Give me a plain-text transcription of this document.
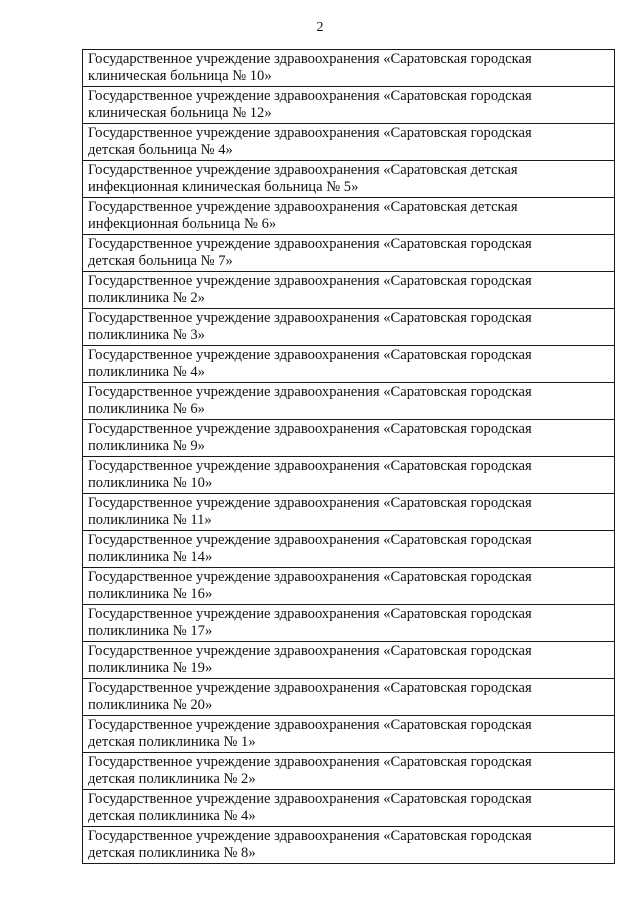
2
Государственное учреждение здравоохранения «Саратовская городская
клиническая больница № 10»

Государственное учреждение здравоохранения «Саратовская городская
клиническая больница № 12»

Государственное учреждение здравоохранения «Саратовская городская
детская больница № 4»

Государственное учреждение здравоохранения «Саратовская детская
инфекционная клиническая больница № 5»

Государственное учреждение здравоохранения «Саратовская детская
инфекционная больница № 6»

Государственное учреждение здравоохранения «Саратовская городская
детская больница № 7»

Государственное учреждение здравоохранения «Саратовская городская
поликлиника № 2»

Государственное учреждение здравоохранения «Саратовская городская
поликлиника № 3»

Государственное учреждение здравоохранения «Саратовская городская
поликлиника № 4»

Государственное учреждение здравоохранения «Саратовская городская
поликлиника № 6»

Государственное учреждение здравоохранения «Саратовская городская
поликлиника № 9»

Государственное учреждение здравоохранения «Саратовская городская
поликлиника № 10»

Государственное учреждение здравоохранения «Саратовская городская
поликлиника № 11»

Государственное учреждение здравоохранения «Саратовская городская
поликлиника № 14»

Государственное учреждение здравоохранения «Саратовская городская
поликлиника № 16»

Государственное учреждение здравоохранения «Саратовская городская
поликлиника № 17»

Государственное учреждение здравоохранения «Саратовская городская
поликлиника № 19»

Государственное учреждение здравоохранения «Саратовская городская
поликлиника № 20»

Государственное учреждение здравоохранения «Саратовская городская
детская поликлиника № 1»

Государственное учреждение здравоохранения «Саратовская городская
детская поликлиника № 2»

Государственное учреждение здравоохранения «Саратовская городская
детская поликлиника № 4»

Государственное учреждение здравоохранения «Саратовская городская
детская поликлиника № 8»
